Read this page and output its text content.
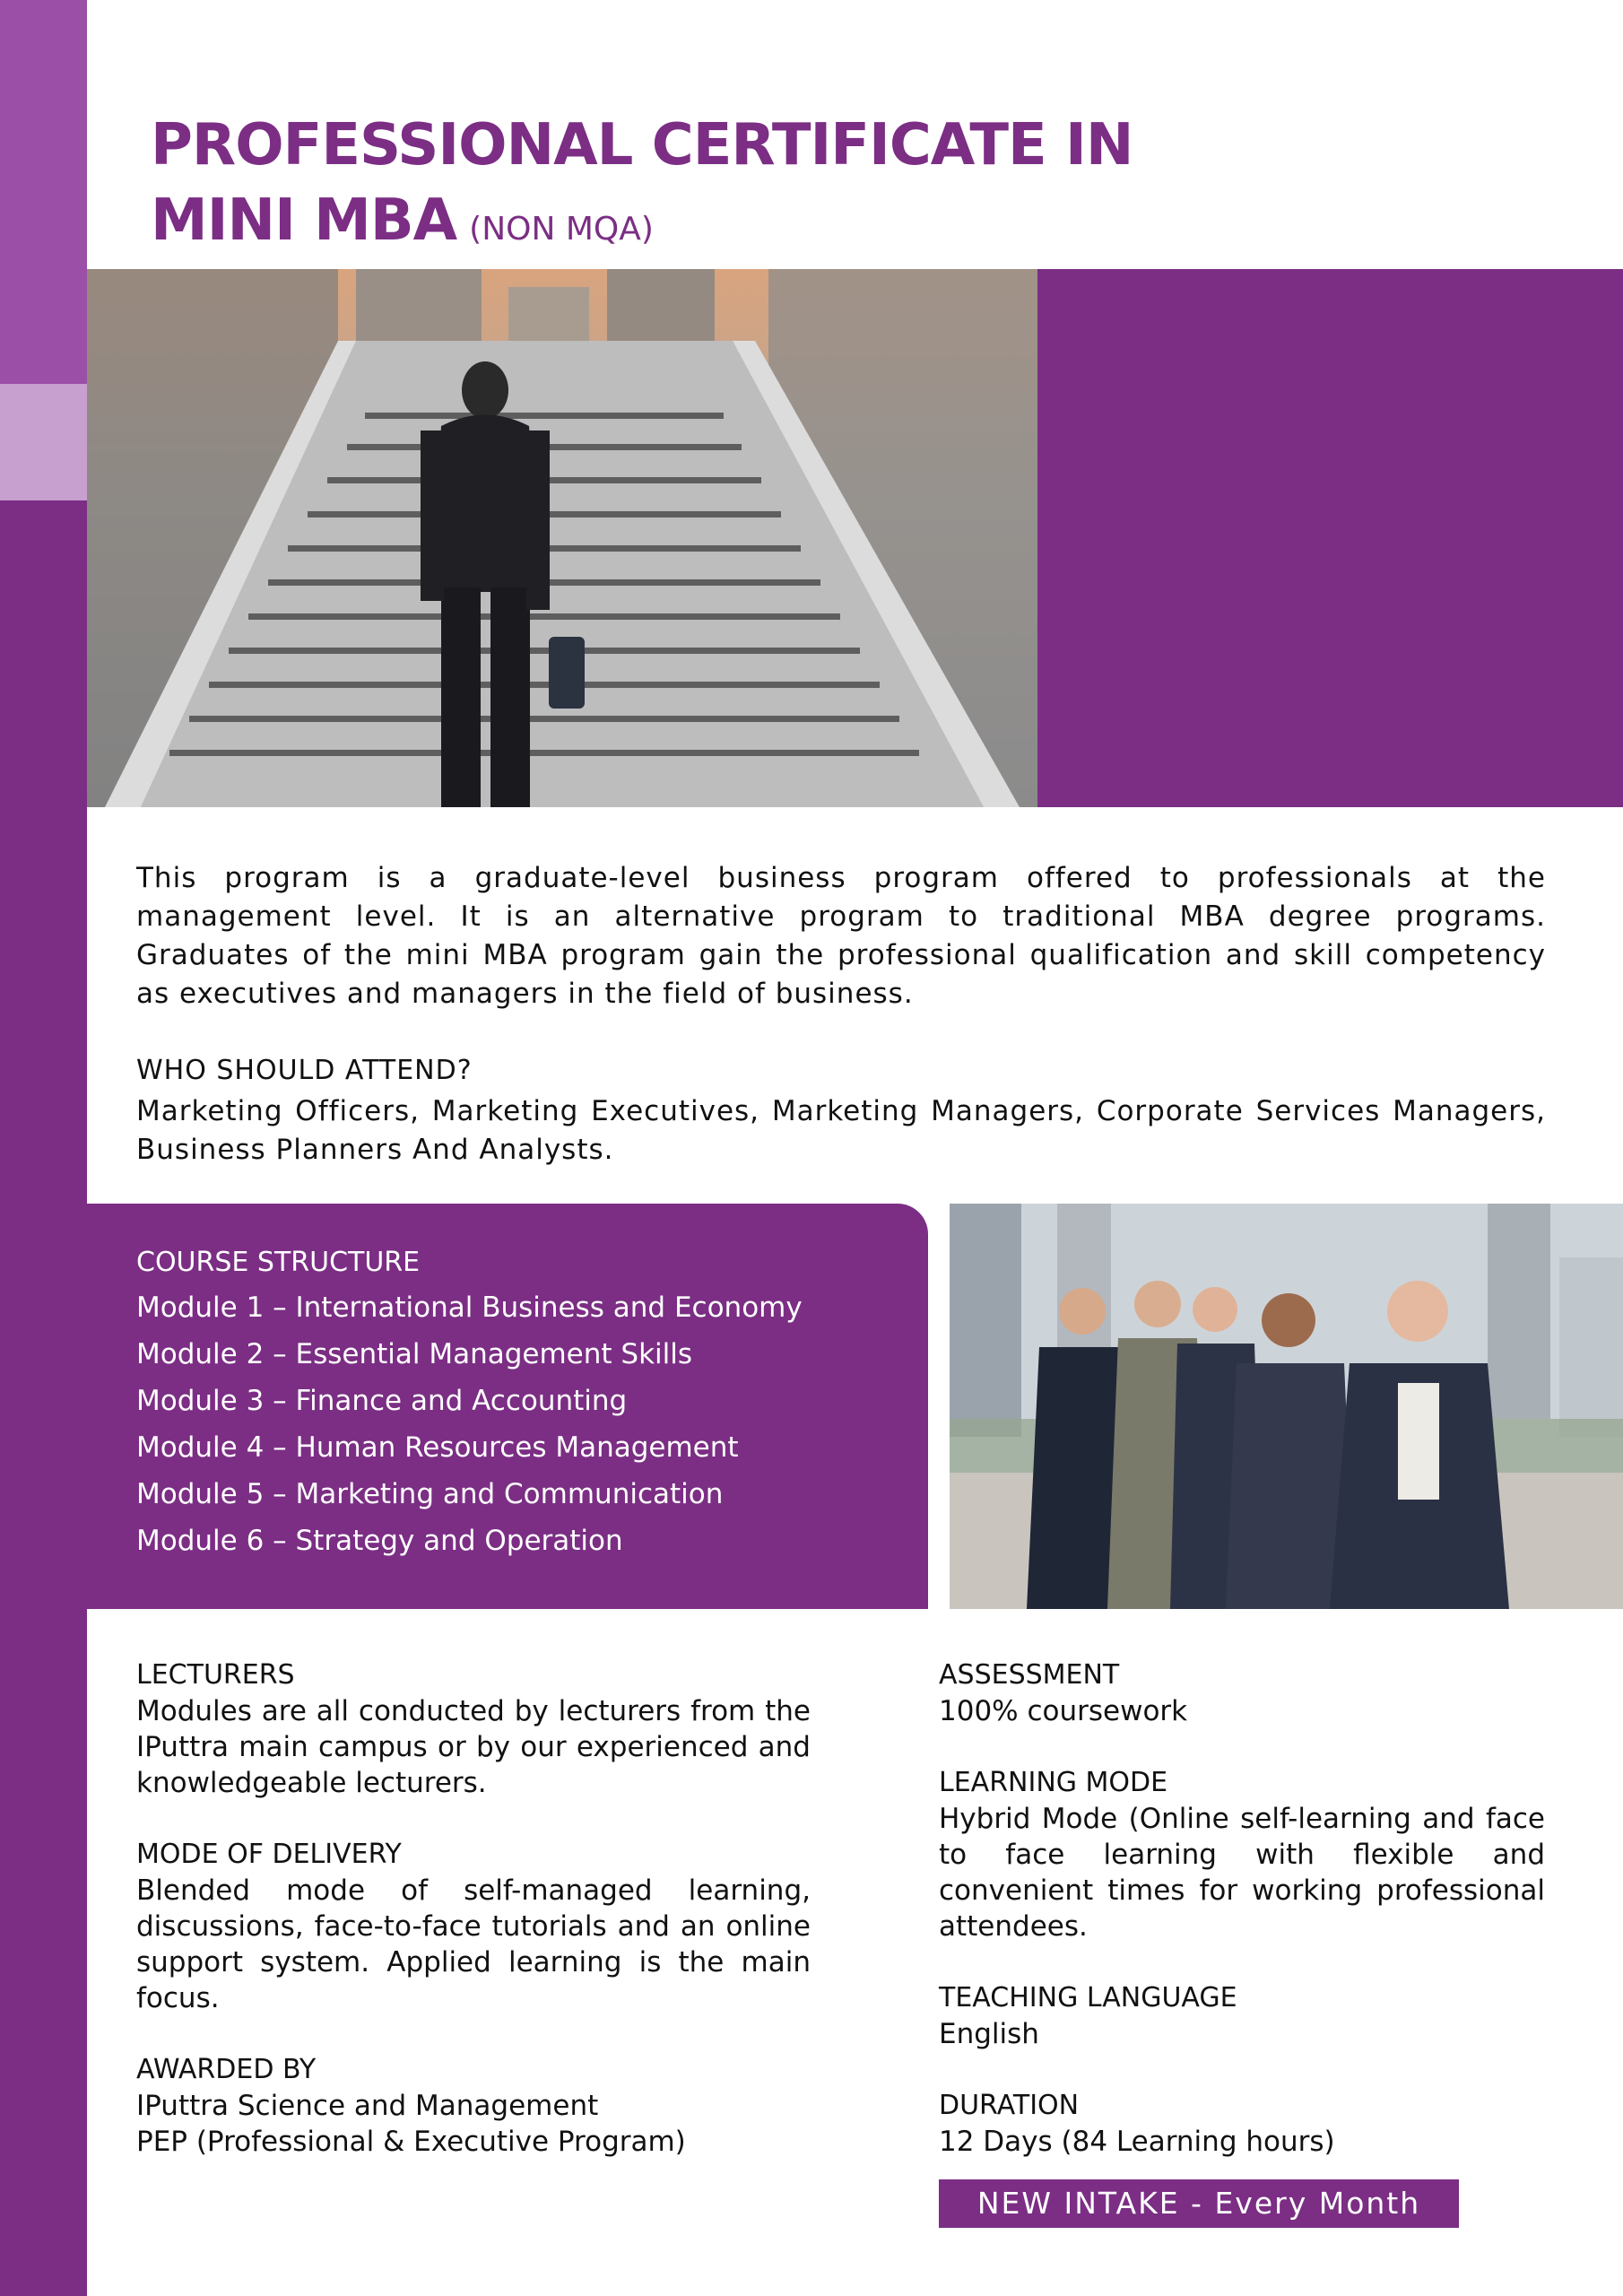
PROFESSIONAL CERTIFICATE IN
MINI MBA (NON MQA)
This program is a graduate-level business program offered to professionals at the management level. It is an alternative program to traditional MBA degree programs. Graduates of the mini MBA program gain the professional qualification and skill competency as executives and managers in the field of business.
WHO SHOULD ATTEND?
Marketing Officers, Marketing Executives, Marketing Managers, Corporate Services Managers, Business Planners And Analysts.
COURSE STRUCTURE
Module 1 – International Business and Economy
Module 2 – Essential Management Skills
Module 3 – Finance and Accounting
Module 4 – Human Resources Management
Module 5 – Marketing and Communication
Module 6 – Strategy and Operation
LECTURERS
Modules are all conducted by lecturers from the IPuttra main campus or by our experienced and knowledgeable lecturers.
MODE OF DELIVERY
Blended mode of self-managed learning, discussions, face-to-face tutorials and an online support system. Applied learning is the main focus.
AWARDED BY
IPuttra Science and Management
PEP (Professional & Executive Program)
ASSESSMENT
100% coursework
LEARNING MODE
Hybrid Mode (Online self-learning and face to face learning with flexible and convenient times for working professional attendees.
TEACHING LANGUAGE
English
DURATION
12 Days (84 Learning hours)
NEW INTAKE - Every Month
